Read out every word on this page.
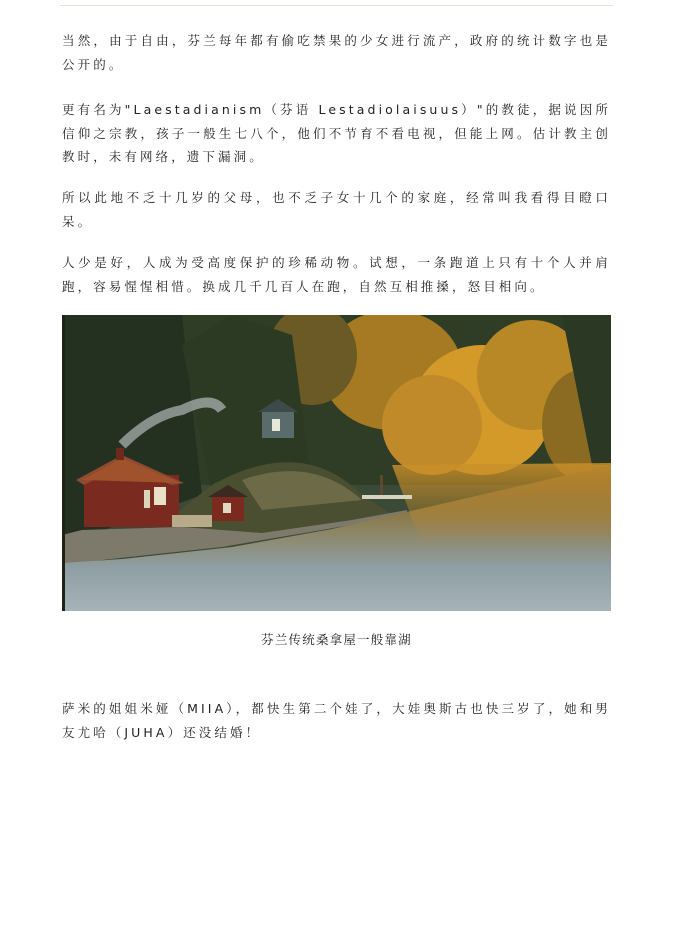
当然，由于自由，芬兰每年都有偷吃禁果的少女进行流产，政府的统计数字也是公开的。

更有名为"Laestadianism（芬语 Lestadiolaisuus）"的教徒，据说因所信仰之宗教，孩子一般生七八个，他们不节育不看电视，但能上网。估计教主创教时，未有网络，遗下漏洞。

所以此地不乏十几岁的父母，也不乏子女十几个的家庭，经常叫我看得目瞪口呆。

人少是好，人成为受高度保护的珍稀动物。试想，一条跑道上只有十个人并肩跑，容易惺惺相惜。换成几千几百人在跑，自然互相推搡，怒目相向。

芬兰传统桑拿屋一般靠湖

萨米的姐姐米娅（MIIA），都快生第二个娃了，大娃奥斯古也快三岁了，她和男友尤哈（JUHA）还没结婚！
